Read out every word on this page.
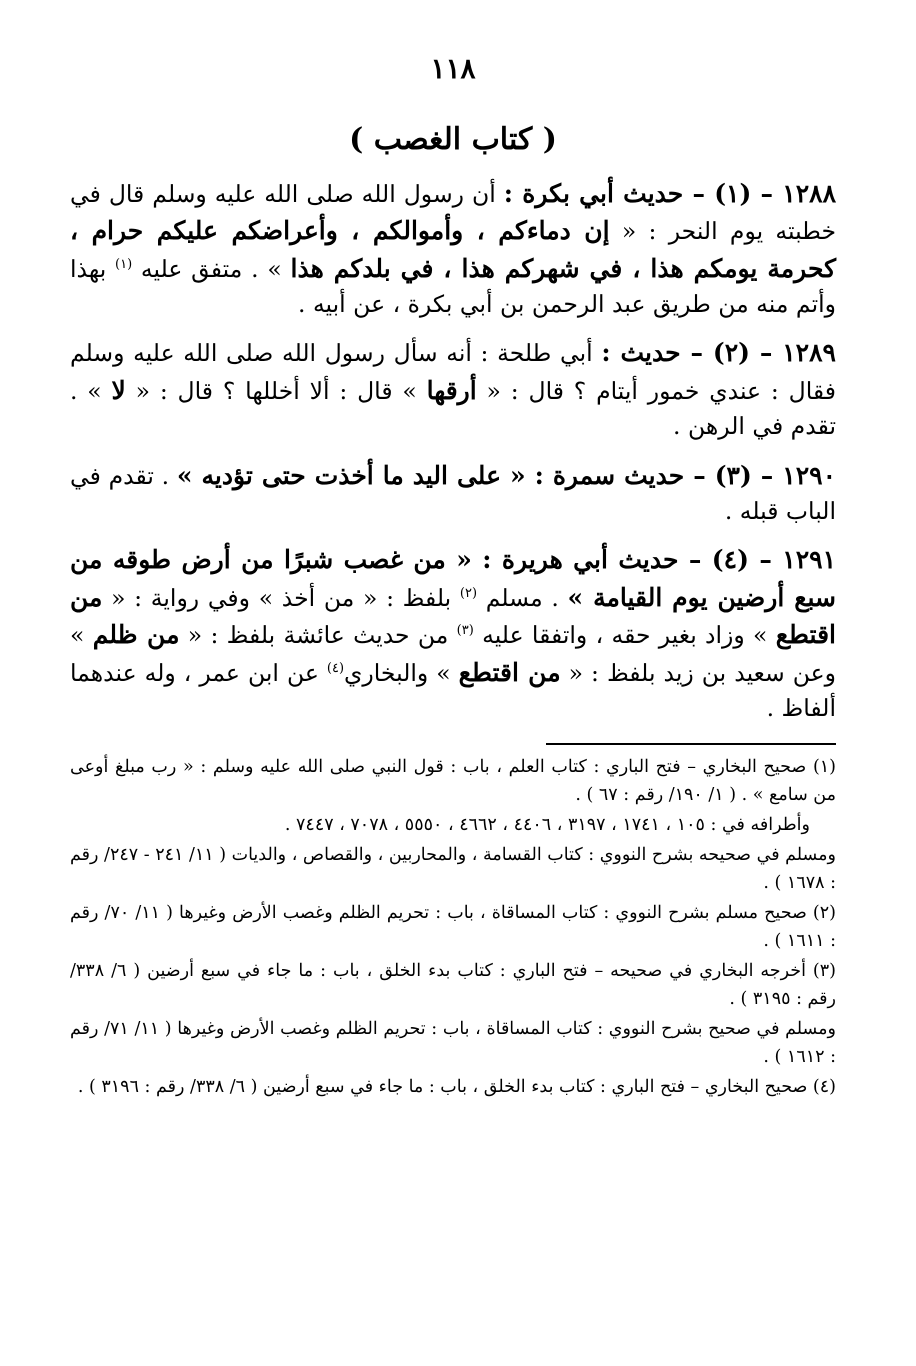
١١٨
( كتاب الغصب )

١٢٨٨ – (١) – حديث أبي بكرة : أن رسول الله صلى الله عليه وسلم قال في خطبته يوم النحر : « إن دماءكم ، وأموالكم ، وأعراضكم عليكم حرام ، كحرمة يومكم هذا ، في شهركم هذا ، في بلدكم هذا » . متفق عليه $^{(١)}$ بهذا وأتم منه من طريق عبد الرحمن بن أبي بكرة ، عن أبيه .

١٢٨٩ – (٢) – حديث : أبي طلحة : أنه سأل رسول الله صلى الله عليه وسلم فقال : عندي خمور أيتام ؟ قال : « أرقها » قال : ألا أخللها ؟ قال : « لا » . تقدم في الرهن .

١٢٩٠ – (٣) – حديث سمرة : « على اليد ما أخذت حتى تؤديه » . تقدم في الباب قبله .

١٢٩١ – (٤) – حديث أبي هريرة : « من غصب شبرًا من أرض طوقه من سبع أرضين يوم القيامة » . مسلم $^{(٢)}$ بلفظ : « من أخذ » وفي رواية : « من اقتطع » وزاد بغير حقه ، واتفقا عليه $^{(٣)}$ من حديث عائشة بلفظ : « من ظلم » وعن سعيد بن زيد بلفظ : « من اقتطع » والبخاري$^{(٤)}$ عن ابن عمر ، وله عندهما ألفاظ .

(١) صحيح البخاري – فتح الباري : كتاب العلم ، باب : قول النبي صلى الله عليه وسلم : « رب مبلغ أوعى من سامع » . ( ١/ ١٩٠/ رقم : ٦٧ ) .
وأطرافه في : ١٠٥ ، ١٧٤١ ، ٣١٩٧ ، ٤٤٠٦ ، ٤٦٦٢ ، ٥٥٥٠ ، ٧٠٧٨ ، ٧٤٤٧ .
ومسلم في صحيحه بشرح النووي : كتاب القسامة ، والمحاربين ، والقصاص ، والديات ( ١١/ ٢٤١ - ٢٤٧/ رقم : ١٦٧٨ ) .
(٢) صحيح مسلم بشرح النووي : كتاب المساقاة ، باب : تحريم الظلم وغصب الأرض وغيرها ( ١١/ ٧٠/ رقم : ١٦١١ ) .
(٣) أخرجه البخاري في صحيحه – فتح الباري : كتاب بدء الخلق ، باب : ما جاء في سبع أرضين ( ٦/ ٣٣٨/ رقم : ٣١٩٥ ) .
ومسلم في صحيح بشرح النووي : كتاب المساقاة ، باب : تحريم الظلم وغصب الأرض وغيرها ( ١١/ ٧١/ رقم : ١٦١٢ ) .
(٤) صحيح البخاري – فتح الباري : كتاب بدء الخلق ، باب : ما جاء في سبع أرضين ( ٦/ ٣٣٨/ رقم : ٣١٩٦ ) .
